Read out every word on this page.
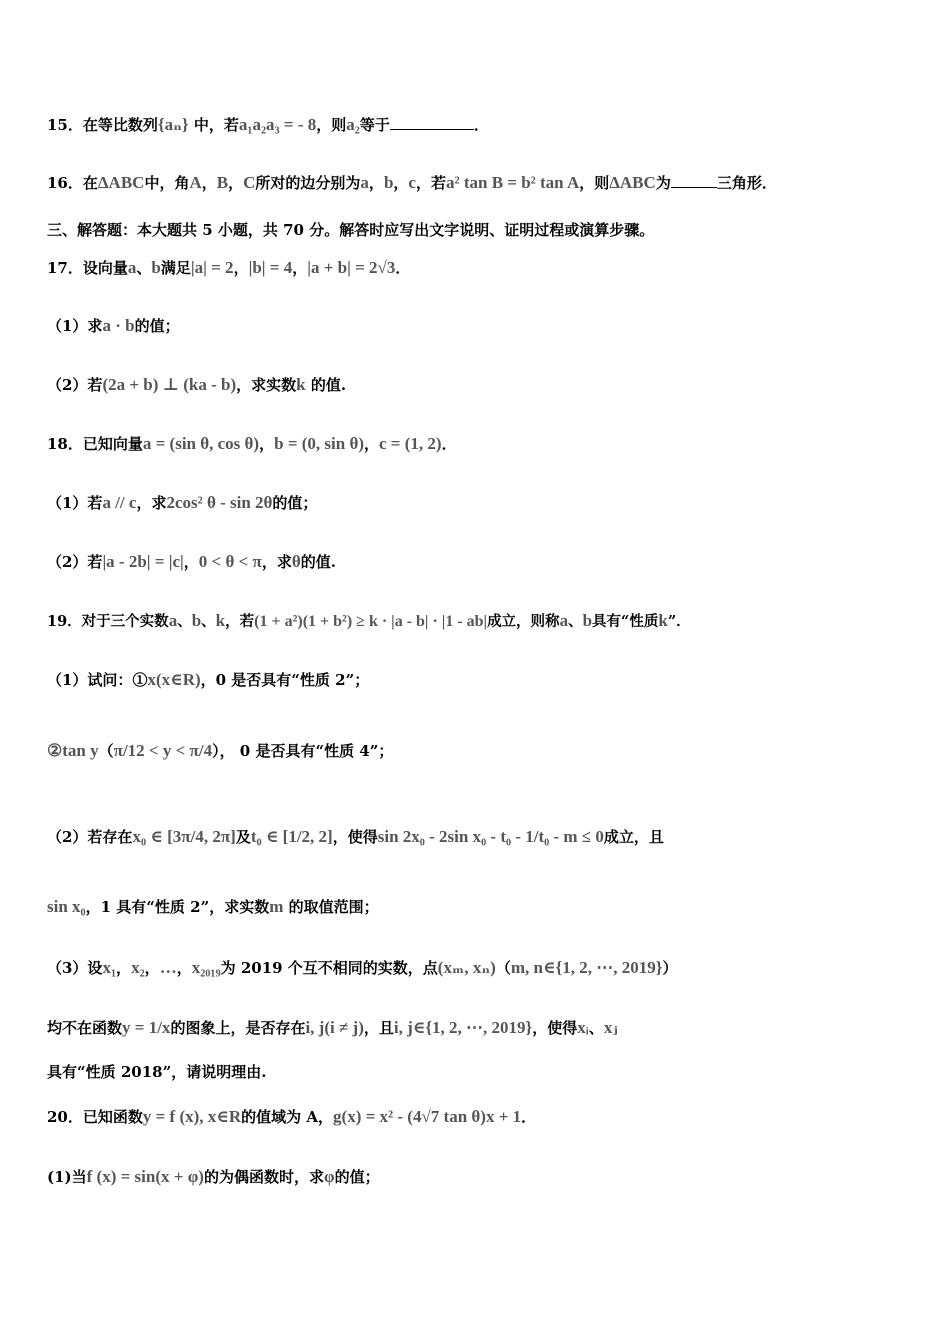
15．在等比数列{aₙ} 中，若a₁a₂a₃ = - 8，则a₂等于	．
16．在ΔABC中，角A，B，C所对的边分别为a，b，c，若a² tan B = b² tan A，则ΔABC为	三角形．
三、解答题：本大题共 5 小题，共 70 分。解答时应写出文字说明、证明过程或演算步骤。
17．设向量a、b满足|a| = 2，|b| = 4，|a + b| = 2√3．
（1）求a · b的值；
（2）若(2a + b) ⊥ (ka - b)，求实数k 的值.
18．已知向量a = (sin θ, cos θ)，b = (0, sin θ)，c = (1, 2)．
（1）若a // c，求2cos² θ - sin 2θ的值；
（2）若|a - 2b| = |c|，0 < θ < π，求θ的值.
19．对于三个实数a、b、k，若(1 + a²)(1 + b²) ≥ k · |a - b| · |1 - ab|成立，则称a、b具有“性质k”．
（1）试问：①x(x∈R)，0 是否具有“性质 2”；
②tan y（π/12 < y < π/4）， 0 是否具有“性质 4”；
（2）若存在x₀ ∈ [3π/4, 2π]及t₀ ∈ [1/2, 2]，使得sin 2x₀ - 2sin x₀ - t₀ - 1/t₀ - m ≤ 0成立，且
sin x₀，1 具有“性质 2”，求实数m 的取值范围；
（3）设x₁，x₂，…，x₂₀₁₉为 2019 个互不相同的实数，点(xₘ, xₙ)（m, n∈{1, 2, ⋯, 2019}）
均不在函数y = 1/x的图象上，是否存在i, j(i ≠ j)，且i, j∈{1, 2, ⋯, 2019}，使得xᵢ、xⱼ
具有“性质 2018”，请说明理由.
20．已知函数y = f (x), x∈R的值域为 A，g(x) = x² - (4√7 tan θ)x + 1．
(1)当f (x) = sin(x + φ)的为偶函数时，求φ的值；
